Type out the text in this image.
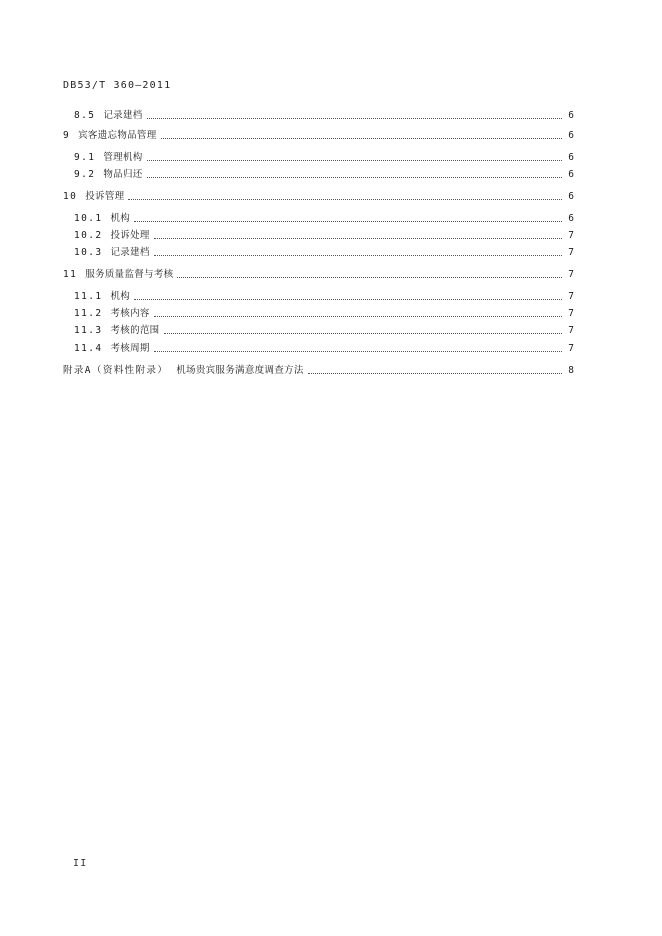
DB53/T 360—2011
8.5 记录建档	6
9 宾客遗忘物品管理	6
9.1 管理机构	6
9.2 物品归还	6
10 投诉管理	6
10.1 机构	6
10.2 投诉处理	7
10.3 记录建档	7
11 服务质量监督与考核	7
11.1 机构	7
11.2 考核内容	7
11.3 考核的范围	7
11.4 考核周期	7
附录A（资料性附录） 机场贵宾服务满意度调查方法	8
II
